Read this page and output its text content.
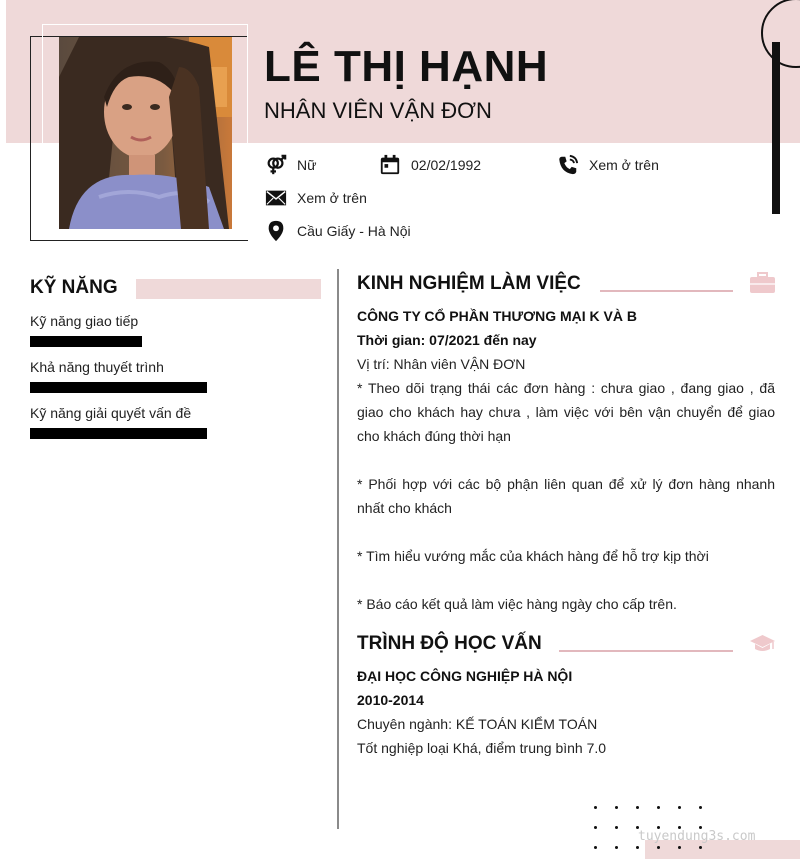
LÊ THỊ HẠNH
NHÂN VIÊN VẬN ĐƠN
Nữ	02/02/1992	Xem ở trên
Xem ở trên
Cầu Giấy - Hà Nội
KỸ NĂNG
Kỹ năng giao tiếp
Khả năng thuyết trình
Kỹ năng giải quyết vấn đề
KINH NGHIỆM LÀM VIỆC
CÔNG TY CỔ PHẦN THƯƠNG MẠI K VÀ B
Thời gian: 07/2021 đến nay
Vị trí: Nhân viên VẬN ĐƠN
* Theo dõi trạng thái các đơn hàng : chưa giao , đang giao , đã giao cho khách hay chưa , làm việc với bên vận chuyển để giao cho khách đúng thời hạn
* Phối hợp với các bộ phận liên quan để xử lý đơn hàng nhanh nhất cho khách
* Tìm hiểu vướng mắc của khách hàng để hỗ trợ kịp thời
* Báo cáo kết quả làm việc hàng ngày cho cấp trên.
TRÌNH ĐỘ HỌC VẤN
ĐẠI HỌC CÔNG NGHIỆP HÀ NỘI
2010-2014
Chuyên ngành: KẾ TOÁN KIỂM TOÁN
Tốt nghiệp loại Khá, điểm trung bình 7.0
tuyendung3s.com
